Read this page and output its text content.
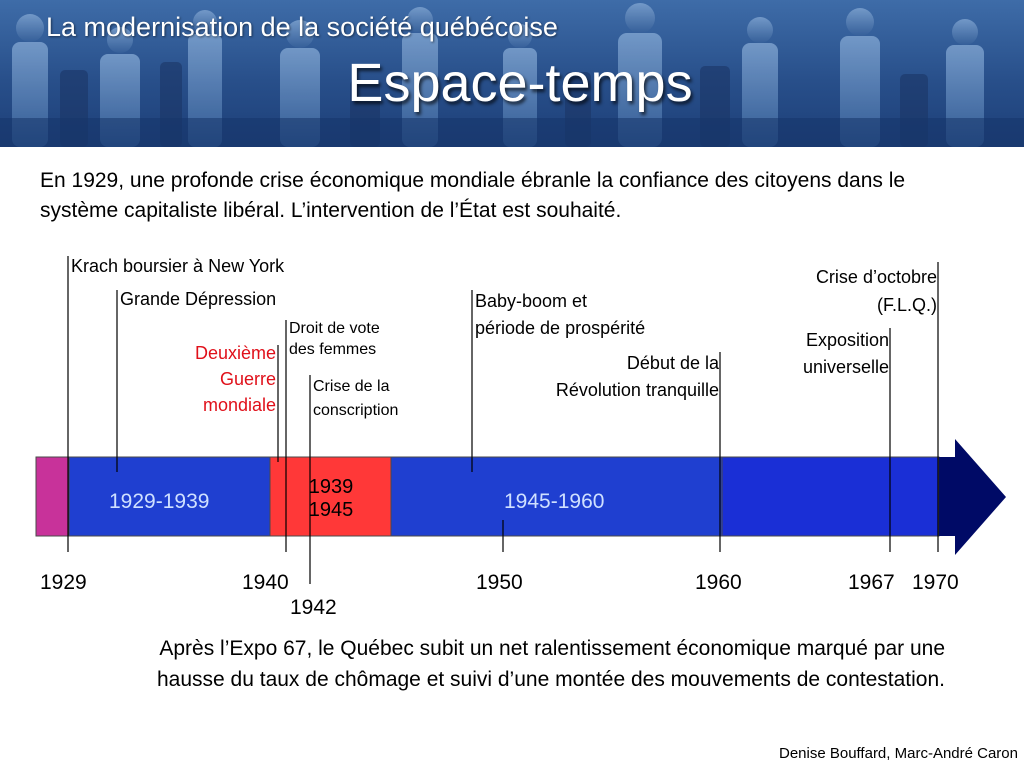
La modernisation de la société québécoise
Espace-temps
En 1929, une profonde crise économique mondiale ébranle la confiance des citoyens dans le système capitaliste libéral. L’intervention de l’État est souhaité.
1929-1939
1939
1945	1945-1960
Krach boursier à New York
Grande Dépression
Droit de vote
des femmes
Deuxième
Guerre
mondiale
Crise de la
conscription
Baby-boom et
période de prospérité
Début de la
Révolution tranquille
Crise d’octobre
(F.L.Q.)
Exposition
universelle
1929	1940
1942
1950	1960	1967 1970
Après l’Expo 67, le Québec subit un net ralentissement économique marqué par une hausse du taux de chômage et suivi d’une montée des mouvements de contestation.
Denise Bouffard, Marc-André Caron
